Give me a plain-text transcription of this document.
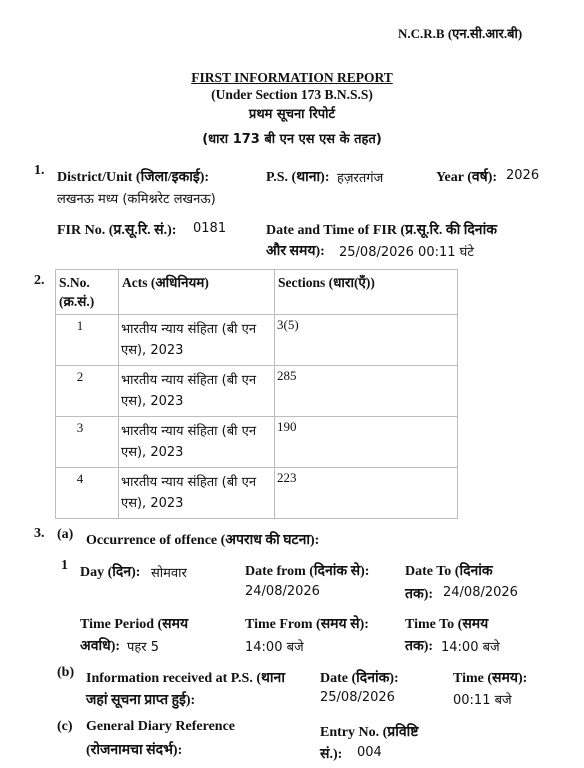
N.C.R.B (एन.सी.आर.बी)
FIRST INFORMATION REPORT
(Under Section 173 B.N.S.S)
प्रथम सूचना रिपोर्ट
(धारा 173 बी एन एस एस के तहत)
1. District/Unit (जिला/इकाई):
लखनऊ मध्य (कमिश्नरेट लखनऊ)
P.S. (थाना): हज़रतगंज	Year (वर्ष): 2026
FIR No. (प्र.सू.रि. सं.): 0181	Date and Time of FIR (प्र.सू.रि. की दिनांक
और समय): 25/08/2026 00:11 घंटे
2. S.No.
(क्र.सं.)	Acts (अधिनियम)	Sections (धारा(एँ))

1	भारतीय न्याय संहिता (बी एन एस), 2023	3(5)

2	भारतीय न्याय संहिता (बी एन एस), 2023	285

3	भारतीय न्याय संहिता (बी एन एस), 2023	190

4	भारतीय न्याय संहिता (बी एन एस), 2023	223
3. (a) Occurrence of offence (अपराध की घटना):
1 Day (दिन): सोमवार	Date from (दिनांक से):
24/08/2026
Date To (दिनांक
तक): 24/08/2026
Time Period (समय
अवधि): पहर 5
Time From (समय से):
14:00 बजे
Time To (समय
तक): 14:00 बजे
(b) Information received at P.S. (थाना
जहां सूचना प्राप्त हुई):
Date (दिनांक):
25/08/2026
Time (समय):
00:11 बजे
(c) General Diary Reference
(रोजनामचा संदर्भ):
Entry No. (प्रविष्टि
सं.): 004
